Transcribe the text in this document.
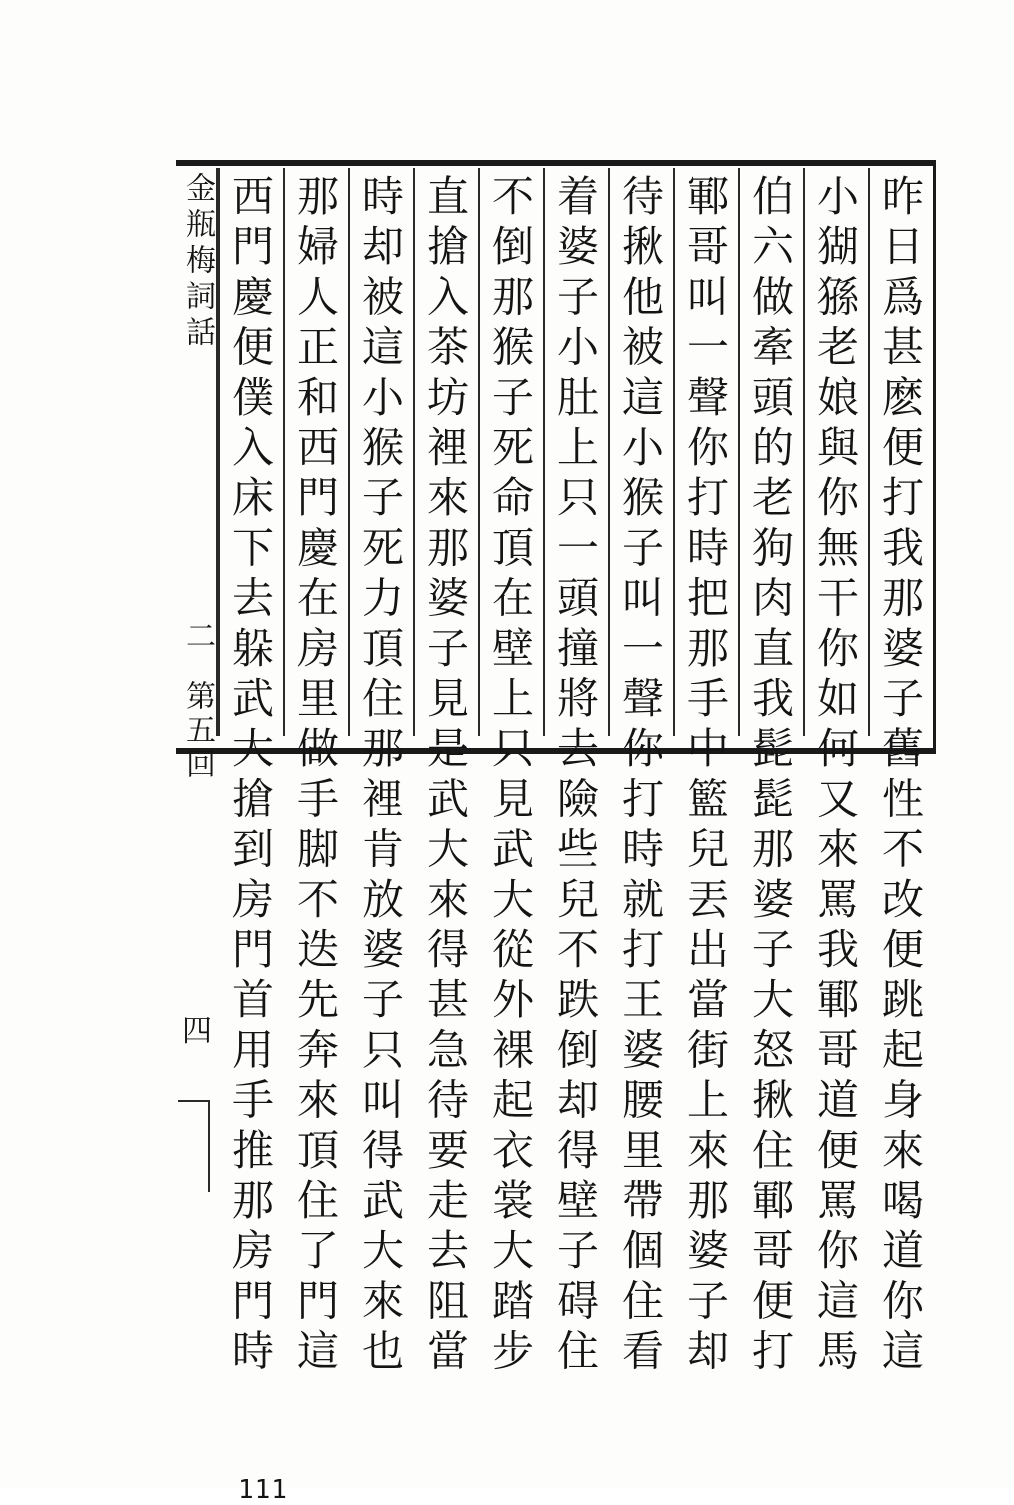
金瓶梅詞話
二
第五回	昨日爲甚麽便打我那婆子舊性不改便跳起身來喝道你這
小猢猻老娘與你無干你如何又來罵我鄆哥道便罵你這馬
伯六做牽頭的老狗肉直我髭髭那婆子大怒揪住鄆哥便打
鄆哥叫一聲你打時把那手中籃兒丟出當街上來那婆子却
待揪他被這小猴子叫一聲你打時就打王婆腰里帶個住看
着婆子小肚上只一頭撞將去險些兒不跌倒却得壁子碍住
不倒那猴子死命頂在壁上只見武大從外裸起衣裳大踏步
直搶入茶坊裡來那婆子見是武大來得甚急待要走去阻當
時却被這小猴子死力頂住那裡肯放婆子只叫得武大來也
那婦人正和西門慶在房里做手脚不迭先奔來頂住了門這
西門慶便僕入床下去躲武大搶到房門首用手推那房門時
四
111
